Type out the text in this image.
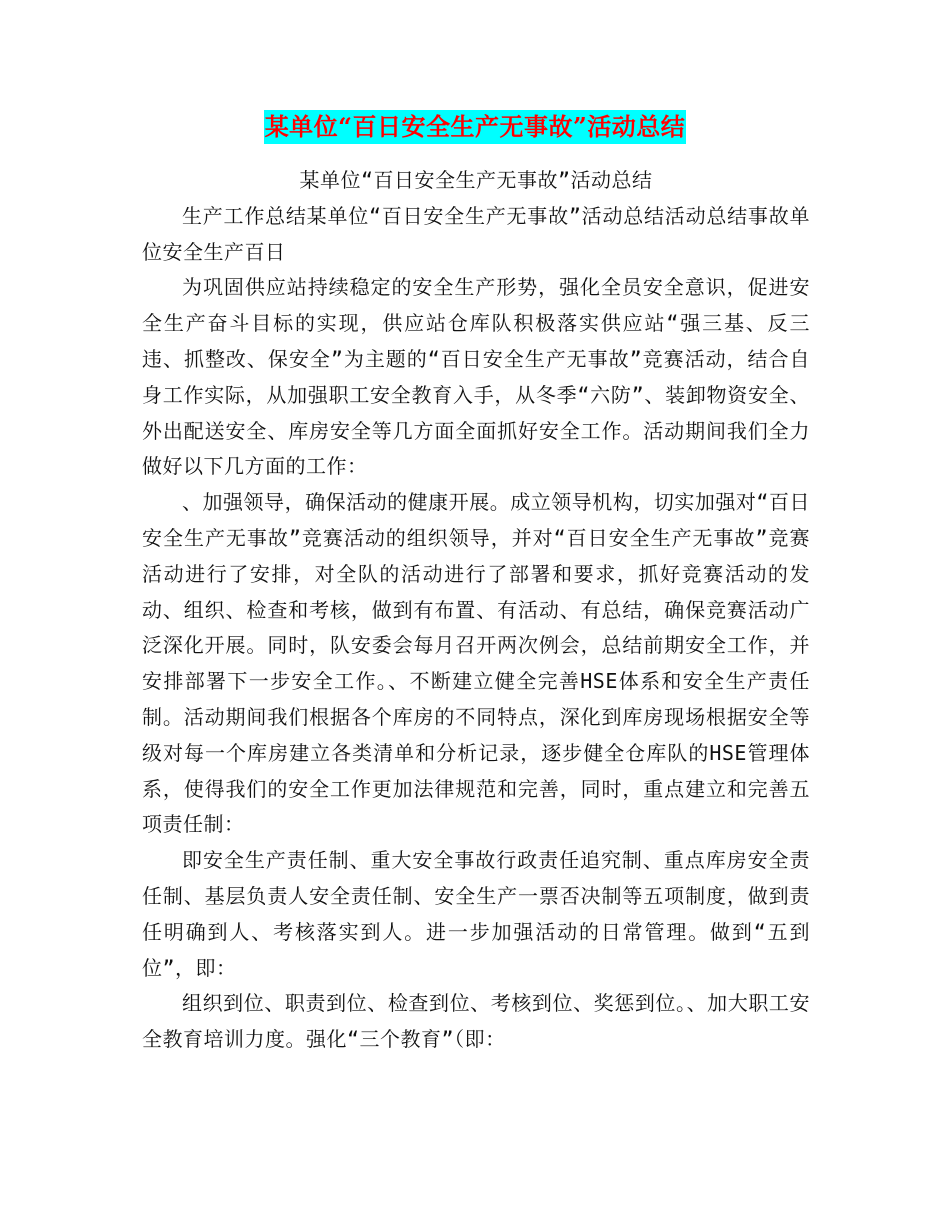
某单位“百日安全生产无事故”活动总结

某单位“百日安全生产无事故”活动总结

生产工作总结某单位“百日安全生产无事故”活动总结活动总结事故单位安全生产百日

为巩固供应站持续稳定的安全生产形势，强化全员安全意识，促进安全生产奋斗目标的实现，供应站仓库队积极落实供应站“强三基、反三违、抓整改、保安全”为主题的“百日安全生产无事故”竞赛活动，结合自身工作实际，从加强职工安全教育入手，从冬季“六防”、装卸物资安全、外出配送安全、库房安全等几方面全面抓好安全工作。活动期间我们全力做好以下几方面的工作：

、加强领导，确保活动的健康开展。成立领导机构，切实加强对“百日安全生产无事故”竞赛活动的组织领导，并对“百日安全生产无事故”竞赛活动进行了安排，对全队的活动进行了部署和要求，抓好竞赛活动的发动、组织、检查和考核，做到有布置、有活动、有总结，确保竞赛活动广泛深化开展。同时，队安委会每月召开两次例会，总结前期安全工作，并安排部署下一步安全工作。、不断建立健全完善HSE体系和安全生产责任制。活动期间我们根据各个库房的不同特点，深化到库房现场根据安全等级对每一个库房建立各类清单和分析记录，逐步健全仓库队的HSE管理体系，使得我们的安全工作更加法律规范和完善，同时，重点建立和完善五项责任制：

即安全生产责任制、重大安全事故行政责任追究制、重点库房安全责任制、基层负责人安全责任制、安全生产一票否决制等五项制度，做到责任明确到人、考核落实到人。进一步加强活动的日常管理。做到“五到位”，即：

组织到位、职责到位、检查到位、考核到位、奖惩到位。、加大职工安全教育培训力度。强化“三个教育”（即：
